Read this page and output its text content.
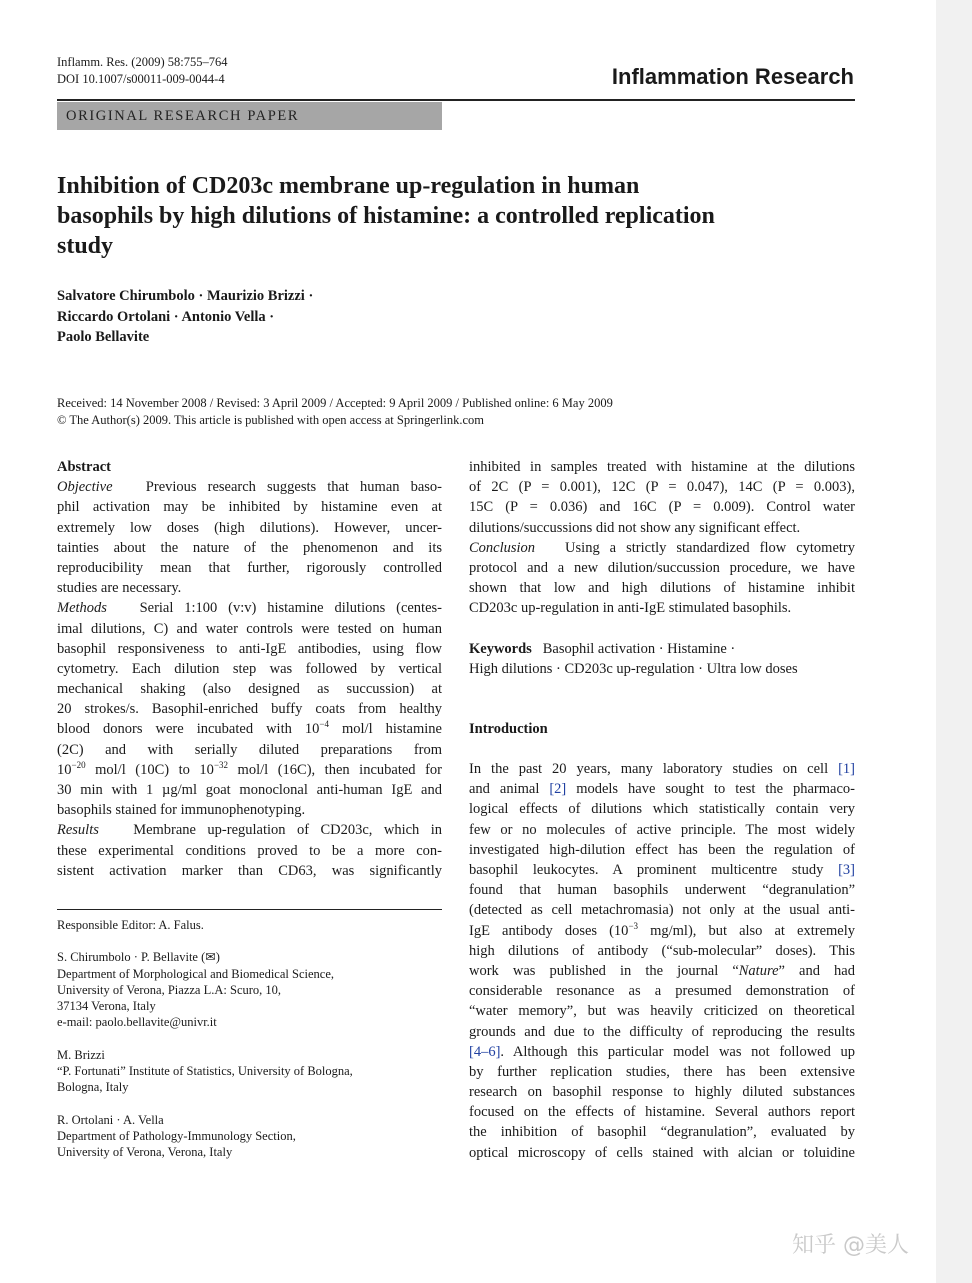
Inflamm. Res. (2009) 58:755–764
DOI 10.1007/s00011-009-0044-4	Inflammation Research
ORIGINAL RESEARCH PAPER
Inhibition of CD203c membrane up-regulation in human
basophils by high dilutions of histamine: a controlled replication
study
Salvatore Chirumbolo · Maurizio Brizzi ·
Riccardo Ortolani · Antonio Vella ·
Paolo Bellavite
Received: 14 November 2008 / Revised: 3 April 2009 / Accepted: 9 April 2009 / Published online: 6 May 2009
© The Author(s) 2009. This article is published with open access at Springerlink.com
Abstract
Objective Previous research suggests that human baso-
phil activation may be inhibited by histamine even at
extremely low doses (high dilutions). However, uncer-
tainties about the nature of the phenomenon and its
reproducibility mean that further, rigorously controlled
studies are necessary.
Methods Serial 1:100 (v:v) histamine dilutions (centes-
imal dilutions, C) and water controls were tested on human
basophil responsiveness to anti-IgE antibodies, using flow
cytometry. Each dilution step was followed by vertical
mechanical shaking (also designed as succussion) at
20 strokes/s. Basophil-enriched buffy coats from healthy
blood donors were incubated with $10^{-4}$ mol/l histamine
(2C) and with serially diluted preparations from
$10^{-20}$ mol/l (10C) to $10^{-32}$ mol/l (16C), then incubated for
30 min with 1 µg/ml goat monoclonal anti-human IgE and
basophils stained for immunophenotyping.
Results Membrane up-regulation of CD203c, which in
these experimental conditions proved to be a more con-
sistent activation marker than CD63, was significantly
Responsible Editor: A. Falus.
S. Chirumbolo · P. Bellavite (✉)
Department of Morphological and Biomedical Science,
University of Verona, Piazza L.A: Scuro, 10,
37134 Verona, Italy
e-mail: paolo.bellavite@univr.it
M. Brizzi
“P. Fortunati” Institute of Statistics, University of Bologna,
Bologna, Italy
R. Ortolani · A. Vella
Department of Pathology-Immunology Section,
University of Verona, Verona, Italy
inhibited in samples treated with histamine at the dilutions
of 2C (P = 0.001), 12C (P = 0.047), 14C (P = 0.003),
15C (P = 0.036) and 16C (P = 0.009). Control water
dilutions/succussions did not show any significant effect.
Conclusion Using a strictly standardized flow cytometry
protocol and a new dilution/succussion procedure, we have
shown that low and high dilutions of histamine inhibit
CD203c up-regulation in anti-IgE stimulated basophils.
Keywords Basophil activation · Histamine ·
High dilutions · CD203c up-regulation · Ultra low doses
Introduction
In the past 20 years, many laboratory studies on cell [1]
and animal [2] models have sought to test the pharmaco-
logical effects of dilutions which statistically contain very
few or no molecules of active principle. The most widely
investigated high-dilution effect has been the regulation of
basophil leukocytes. A prominent multicentre study [3]
found that human basophils underwent “degranulation”
(detected as cell metachromasia) not only at the usual anti-
IgE antibody doses ($10^{-3}$ mg/ml), but also at extremely
high dilutions of antibody (“sub-molecular” doses). This
work was published in the journal “Nature” and had
considerable resonance as a presumed demonstration of
“water memory”, but was heavily criticized on theoretical
grounds and due to the difficulty of reproducing the results
[4–6]. Although this particular model was not followed up
by further replication studies, there has been extensive
research on basophil response to highly diluted substances
focused on the effects of histamine. Several authors report
the inhibition of basophil “degranulation”, evaluated by
optical microscopy of cells stained with alcian or toluidine
知乎 @美人
